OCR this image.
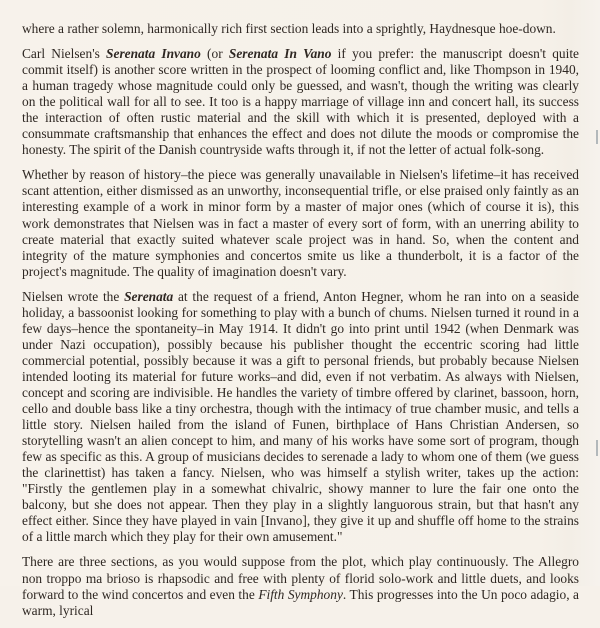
where a rather solemn, harmonically rich first section leads into a sprightly, Haydnesque hoe-down.

Carl Nielsen's Serenata Invano (or Serenata In Vano if you prefer: the manuscript doesn't quite commit itself) is another score written in the prospect of looming conflict and, like Thompson in 1940, a human tragedy whose magnitude could only be guessed, and wasn't, though the writing was clearly on the political wall for all to see. It too is a happy marriage of village inn and concert hall, its success the interaction of often rustic material and the skill with which it is presented, deployed with a consummate craftsmanship that enhances the effect and does not dilute the moods or compromise the honesty. The spirit of the Danish countryside wafts through it, if not the letter of actual folk-song.

Whether by reason of history–the piece was generally unavailable in Nielsen's lifetime–it has received scant attention, either dismissed as an unworthy, inconsequential trifle, or else praised only faintly as an interesting example of a work in minor form by a master of major ones (which of course it is), this work demonstrates that Nielsen was in fact a master of every sort of form, with an unerring ability to create material that exactly suited whatever scale project was in hand. So, when the content and integrity of the mature symphonies and concertos smite us like a thunderbolt, it is a factor of the project's magnitude. The quality of imagination doesn't vary.

Nielsen wrote the Serenata at the request of a friend, Anton Hegner, whom he ran into on a seaside holiday, a bassoonist looking for something to play with a bunch of chums. Nielsen turned it round in a few days–hence the spontaneity–in May 1914. It didn't go into print until 1942 (when Denmark was under Nazi occupation), possibly because his publisher thought the eccentric scoring had little commercial potential, possibly because it was a gift to personal friends, but probably because Nielsen intended looting its material for future works–and did, even if not verbatim. As always with Nielsen, concept and scoring are indivisible. He handles the variety of timbre offered by clarinet, bassoon, horn, cello and double bass like a tiny orchestra, though with the intimacy of true chamber music, and tells a little story. Nielsen hailed from the island of Funen, birthplace of Hans Christian Andersen, so storytelling wasn't an alien concept to him, and many of his works have some sort of program, though few as specific as this. A group of musicians decides to serenade a lady to whom one of them (we guess the clarinettist) has taken a fancy. Nielsen, who was himself a stylish writer, takes up the action: "Firstly the gentlemen play in a somewhat chivalric, showy manner to lure the fair one onto the balcony, but she does not appear. Then they play in a slightly languorous strain, but that hasn't any effect either. Since they have played in vain [Invano], they give it up and shuffle off home to the strains of a little march which they play for their own amusement."

There are three sections, as you would suppose from the plot, which play continuously. The Allegro non troppo ma brioso is rhapsodic and free with plenty of florid solo-work and little duets, and looks forward to the wind concertos and even the Fifth Symphony. This progresses into the Un poco adagio, a warm, lyrical
